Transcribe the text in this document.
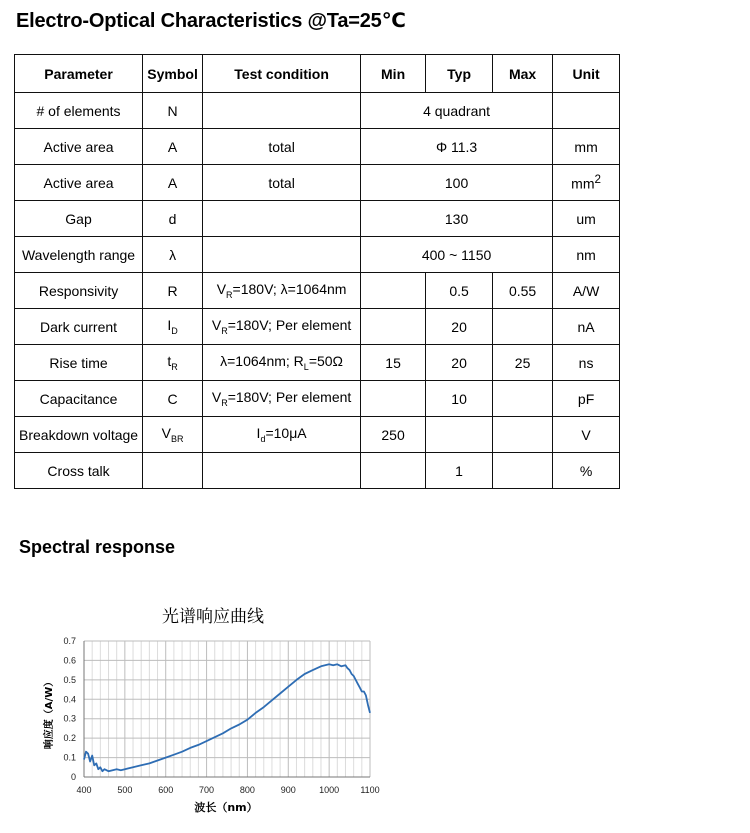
Electro-Optical Characteristics @Ta=25℃
Parameter	Symbol	Test condition	Min	Typ	Max	Unit
# of elements	N		4 quadrant			
Active area	A	total	Φ 11.3			mm
Active area	A	total	100			$mm^2$
Gap	d		130			um
Wavelength range	λ		400 ~ 1150			nm
Responsivity	R	$V_R=180V$; λ=1064nm		0.5	0.55	A/W
Dark current	$I_D$	$V_R=180V$; Per element		20		nA
Rise time	$t_R$	λ=1064nm; $R_L=50\Omega$	15	20	25	ns
Capacitance	C	$V_R=180V$; Per element		10		pF
Breakdown voltage	$V_{BR}$	$I_d=10\mu A$	250			V
Cross talk				1		%
Spectral response
光谱响应曲线
400	500	600	700	800	900	1000 1100
0
0.1
0.2
0.3
0.4
0.5
0.6
0.7
波长（nm）
响应度（A/W）
